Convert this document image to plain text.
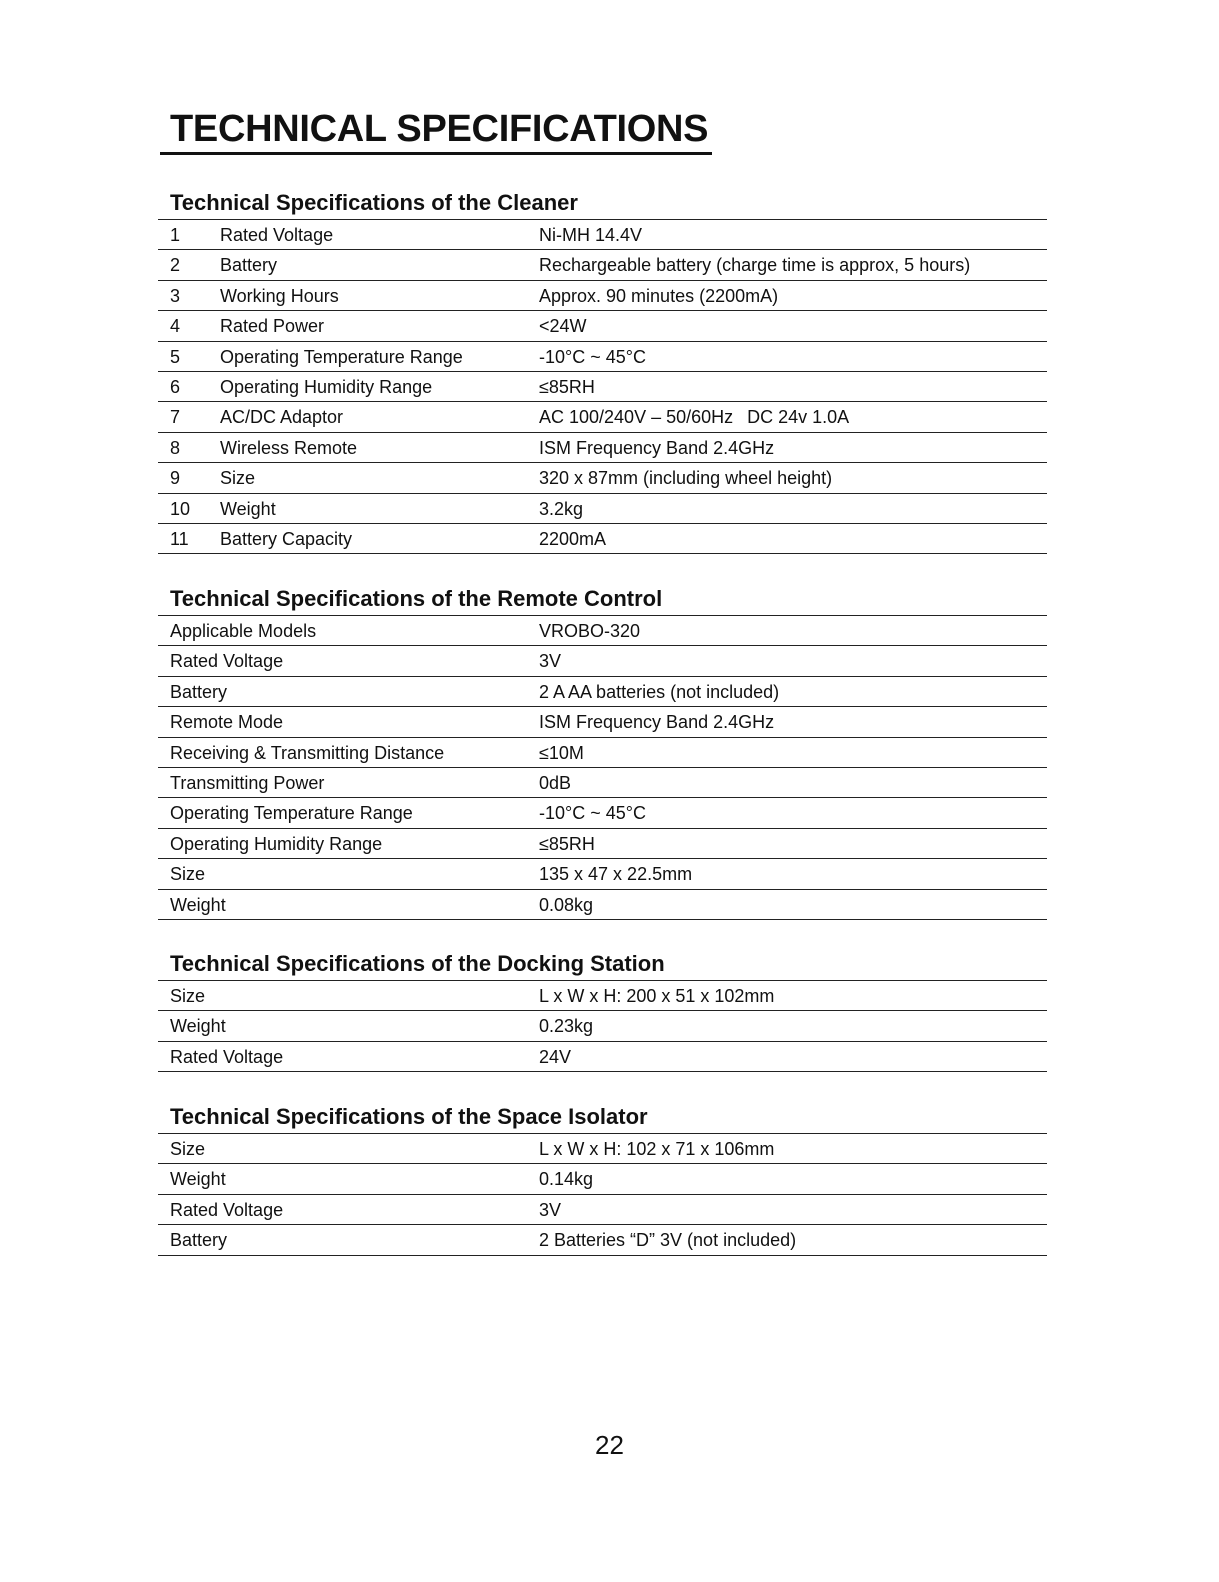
TECHNICAL SPECIFICATIONS
Technical Specifications of the Cleaner
1	Rated Voltage	Ni-MH 14.4V
2	Battery	Rechargeable battery (charge time is approx, 5 hours)
3	Working Hours	Approx. 90 minutes (2200mA)
4	Rated Power	<24W
5	Operating Temperature Range	-10°C ~ 45°C
6	Operating Humidity Range	≤85RH
7	AC/DC Adaptor	AC 100/240V – 50/60Hz DC 24v 1.0A
8	Wireless Remote	ISM Frequency Band 2.4GHz
9	Size	320 x 87mm (including wheel height)
10	Weight	3.2kg
11	Battery Capacity	2200mA
Technical Specifications of the Remote Control
Applicable Models	VROBO-320
Rated Voltage	3V
Battery	2 A AA batteries (not included)
Remote Mode	ISM Frequency Band 2.4GHz
Receiving & Transmitting Distance	≤10M
Transmitting Power	0dB
Operating Temperature Range	-10°C ~ 45°C
Operating Humidity Range	≤85RH
Size	135 x 47 x 22.5mm
Weight	0.08kg
Technical Specifications of the Docking Station
Size	L x W x H: 200 x 51 x 102mm
Weight	0.23kg
Rated Voltage	24V
Technical Specifications of the Space Isolator
Size	L x W x H: 102 x 71 x 106mm
Weight	0.14kg
Rated Voltage	3V
Battery	2 Batteries “D” 3V (not included)
22
